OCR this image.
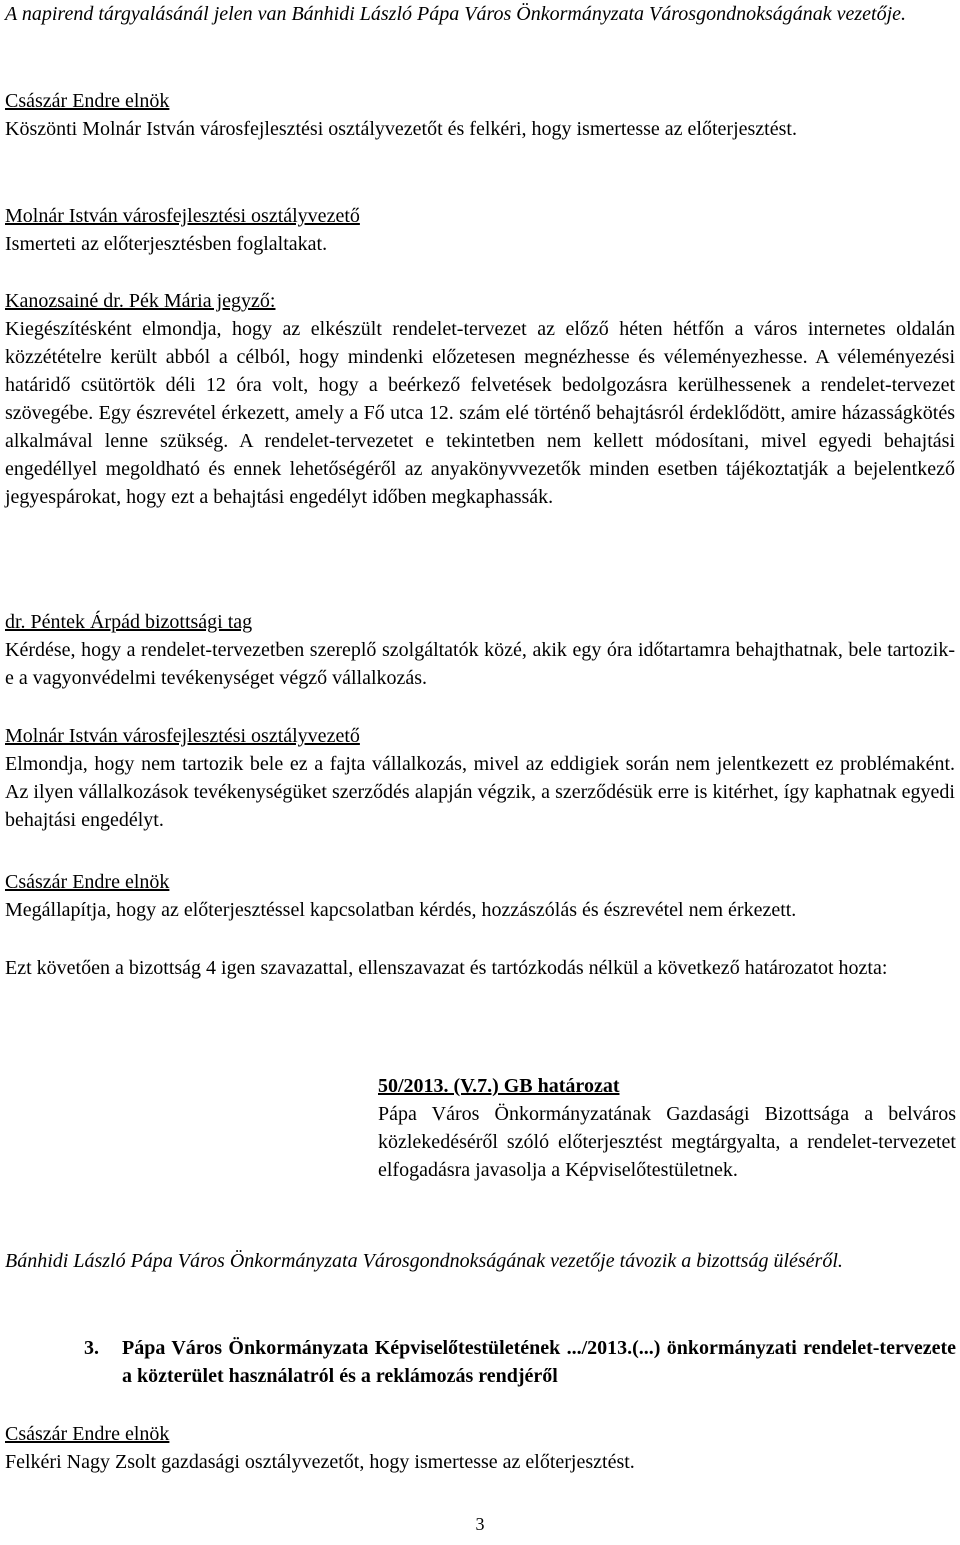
A napirend tárgyalásánál jelen van Bánhidi László Pápa Város Önkormányzata Városgondnokságának vezetője.

Császár Endre elnök

Köszönti Molnár István városfejlesztési osztályvezetőt és felkéri, hogy ismertesse az előterjesztést.

Molnár István városfejlesztési osztályvezető

Ismerteti az előterjesztésben foglaltakat.

Kanozsainé dr. Pék Mária jegyző:

Kiegészítésként elmondja, hogy az elkészült rendelet-tervezet az előző héten hétfőn a város internetes oldalán közzétételre került abból a célból, hogy mindenki előzetesen megnézhesse és véleményezhesse. A véleményezési határidő csütörtök déli 12 óra volt, hogy a beérkező felvetések bedolgozásra kerülhessenek a rendelet-tervezet szövegébe. Egy észrevétel érkezett, amely a Fő utca 12. szám elé történő behajtásról érdeklődött, amire házasságkötés alkalmával lenne szükség. A rendelet-tervezetet e tekintetben nem kellett módosítani, mivel egyedi behajtási engedéllyel megoldható és ennek lehetőségéről az anyakönyvvezetők minden esetben tájékoztatják a bejelentkező jegyespárokat, hogy ezt a behajtási engedélyt időben megkaphassák.

dr. Péntek Árpád bizottsági tag

Kérdése, hogy a rendelet-tervezetben szereplő szolgáltatók közé, akik egy óra időtartamra behajthatnak, bele tartozik-e a vagyonvédelmi tevékenységet végző vállalkozás.

Molnár István városfejlesztési osztályvezető

Elmondja, hogy nem tartozik bele ez a fajta vállalkozás, mivel az eddigiek során nem jelentkezett ez problémaként. Az ilyen vállalkozások tevékenységüket szerződés alapján végzik, a szerződésük erre is kitérhet, így kaphatnak egyedi behajtási engedélyt.

Császár Endre elnök

Megállapítja, hogy az előterjesztéssel kapcsolatban kérdés, hozzászólás és észrevétel nem érkezett.

Ezt követően a bizottság 4 igen szavazattal, ellenszavazat és tartózkodás nélkül a következő határozatot hozta:

50/2013. (V.7.) GB határozat

Pápa Város Önkormányzatának Gazdasági Bizottsága a belváros közlekedéséről szóló előterjesztést megtárgyalta, a rendelet-tervezetet elfogadásra javasolja a Képviselőtestületnek.

Bánhidi László Pápa Város Önkormányzata Városgondnokságának vezetője távozik a bizottság üléséről.

3. Pápa Város Önkormányzata Képviselőtestületének .../2013.(...) önkormányzati rendelet-tervezete a közterület használatról és a reklámozás rendjéről
Császár Endre elnök

Felkéri Nagy Zsolt gazdasági osztályvezetőt, hogy ismertesse az előterjesztést.

3
